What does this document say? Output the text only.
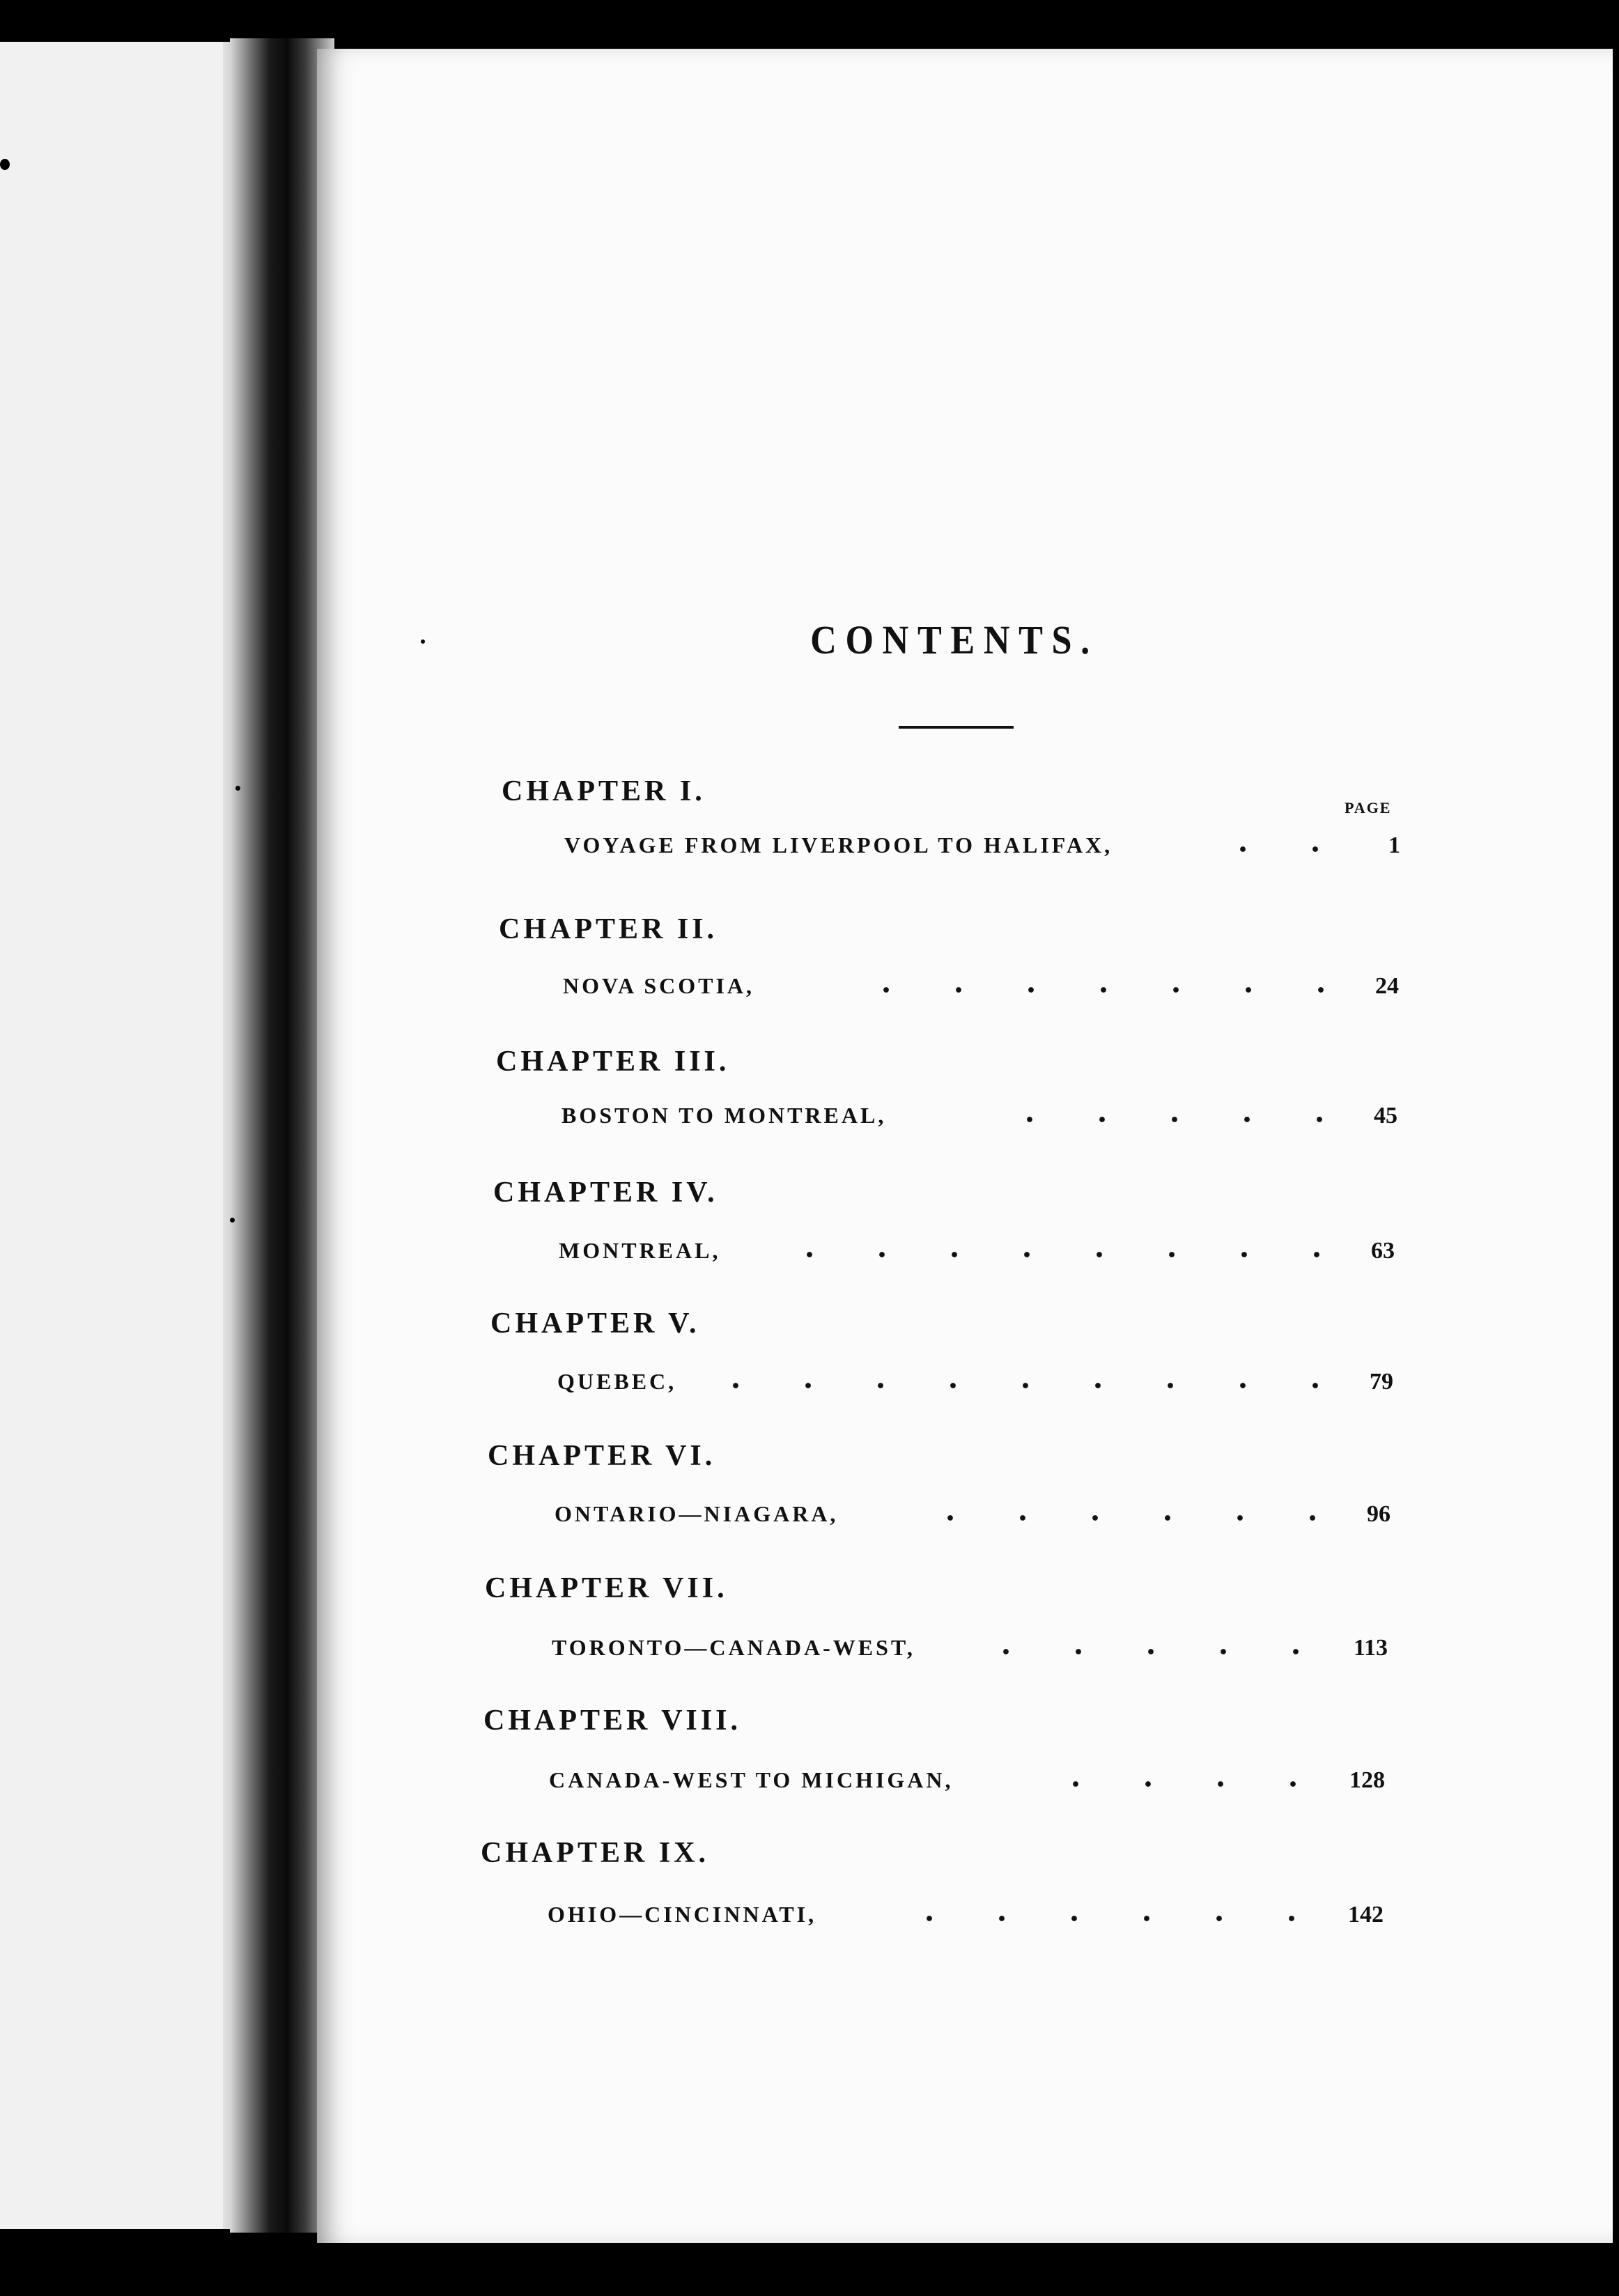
CONTENTS.
PAGE
CHAPTER I.
VOYAGE FROM LIVERPOOL TO HALIFAX,	1
CHAPTER II.
NOVA SCOTIA,	24
CHAPTER III.
BOSTON TO MONTREAL,	45
CHAPTER IV.
MONTREAL,	63
CHAPTER V.
QUEBEC,	79
CHAPTER VI.
ONTARIO—NIAGARA,	96
CHAPTER VII.
TORONTO—CANADA-WEST,	113
CHAPTER VIII.
CANADA-WEST TO MICHIGAN,	128
CHAPTER IX.
OHIO—CINCINNATI,	142
